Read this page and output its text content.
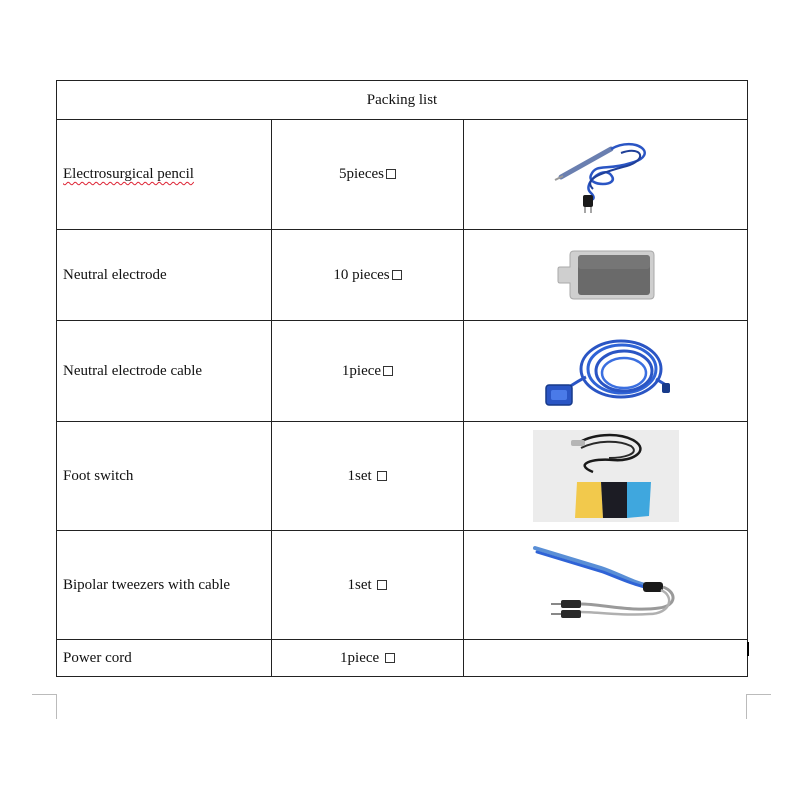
Packing list		
Electrosurgical pencil	5pieces	

Neutral electrode	10 pieces	

Neutral electrode cable	1piece	

Foot switch	1set	

Bipolar tweezers with cable	1set	

Power cord	1piece	
